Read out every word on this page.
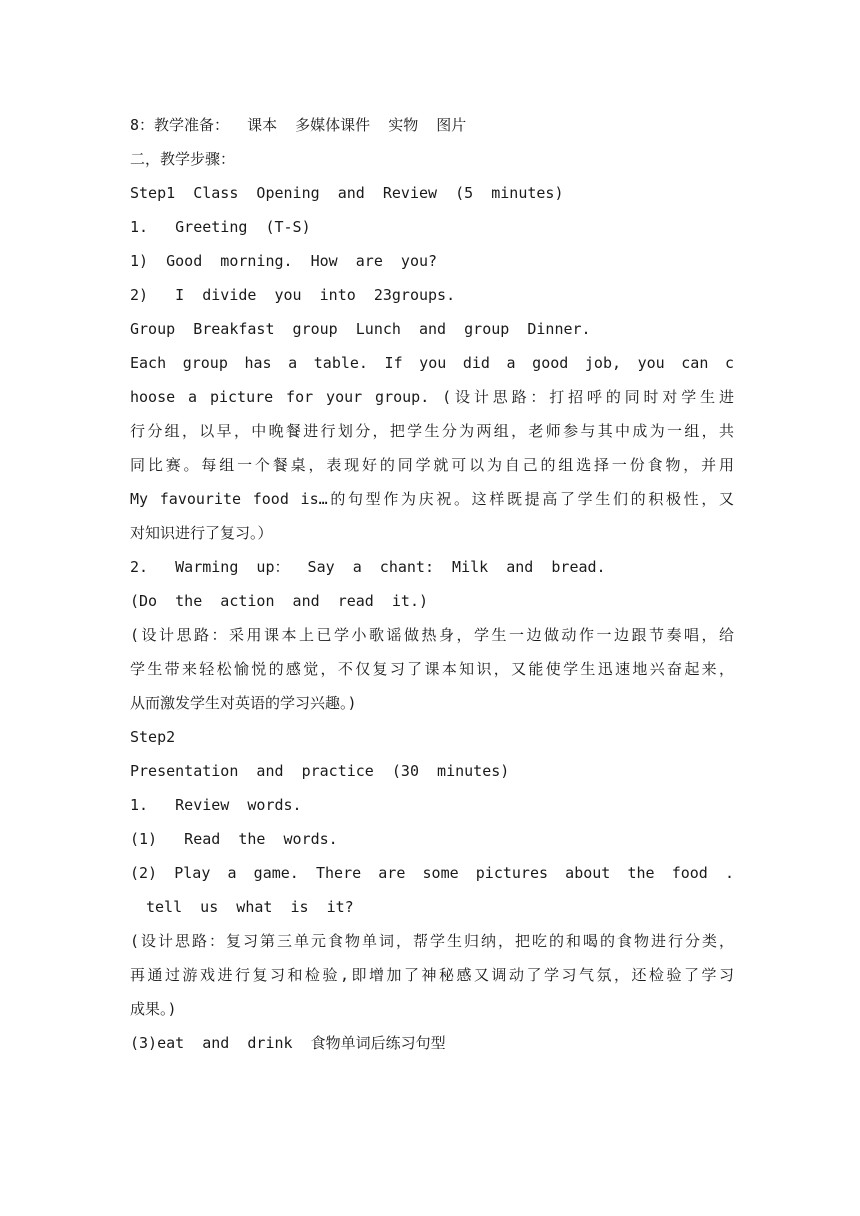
8：教学准备：  课本  多媒体课件  实物  图片
二，教学步骤：
Step1  Class  Opening  and  Review  (5  minutes)
1.   Greeting  (T-S)
1)  Good  morning.  How  are  you?
2)   I  divide  you  into  23groups.
Group  Breakfast  group  Lunch  and  group  Dinner.
Each group has a table. If you did a good job, you can c
hoose a picture for your group. (设计思路：打招呼的同时对学生进
行分组，以早，中晚餐进行划分，把学生分为两组，老师参与其中成为一组，共
同比赛。每组一个餐桌，表现好的同学就可以为自己的组选择一份食物，并用
My favourite food is…的句型作为庆祝。这样既提高了学生们的积极性，又
对知识进行了复习。）
2.   Warming  up：  Say  a  chant:  Milk  and  bread.
(Do  the  action  and  read  it.)
(设计思路：采用课本上已学小歌谣做热身，学生一边做动作一边跟节奏唱，给
学生带来轻松愉悦的感觉，不仅复习了课本知识，又能使学生迅速地兴奋起来，
从而激发学生对英语的学习兴趣。)
Step2
Presentation  and  practice  (30  minutes)
1.   Review  words.
(1)   Read  the  words.
(2) Play a game. There are some pictures about the food .
tell  us  what  is  it?
(设计思路：复习第三单元食物单词，帮学生归纳，把吃的和喝的食物进行分类，
再通过游戏进行复习和检验,即增加了神秘感又调动了学习气氛，还检验了学习
成果。)
(3)eat  and  drink  食物单词后练习句型
